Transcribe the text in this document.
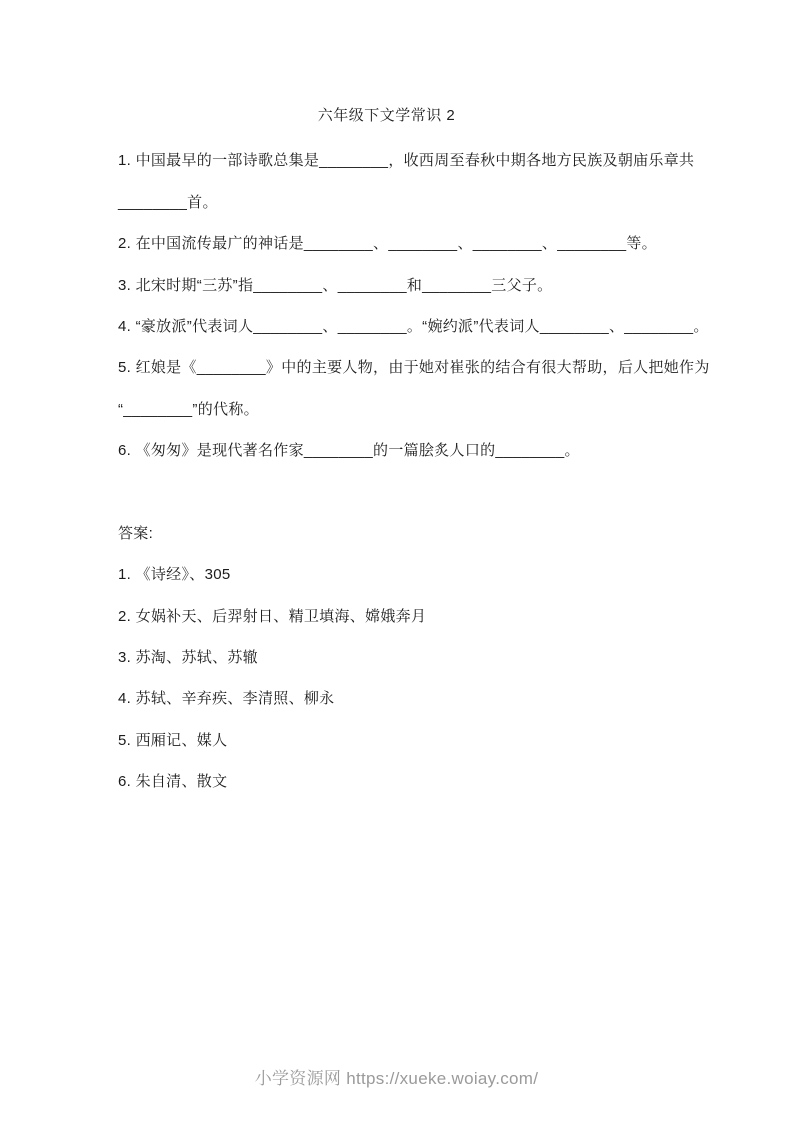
六年级下文学常识 2
1. 中国最早的一部诗歌总集是________，收西周至春秋中期各地方民族及朝庙乐章共
________首。
2. 在中国流传最广的神话是________、________、________、________等。
3. 北宋时期“三苏”指________、________和________三父子。
4. “豪放派”代表词人________、________。“婉约派”代表词人________、________。
5. 红娘是《________》中的主要人物，由于她对崔张的结合有很大帮助，后人把她作为
“________”的代称。
6. 《匆匆》是现代著名作家________的一篇脍炙人口的________。
答案:
1. 《诗经》、305
2. 女娲补天、后羿射日、精卫填海、嫦娥奔月
3. 苏淘、苏轼、苏辙
4. 苏轼、辛弃疾、李清照、柳永
5. 西厢记、媒人
6. 朱自清、散文
小学资源网 https://xueke.woiay.com/
